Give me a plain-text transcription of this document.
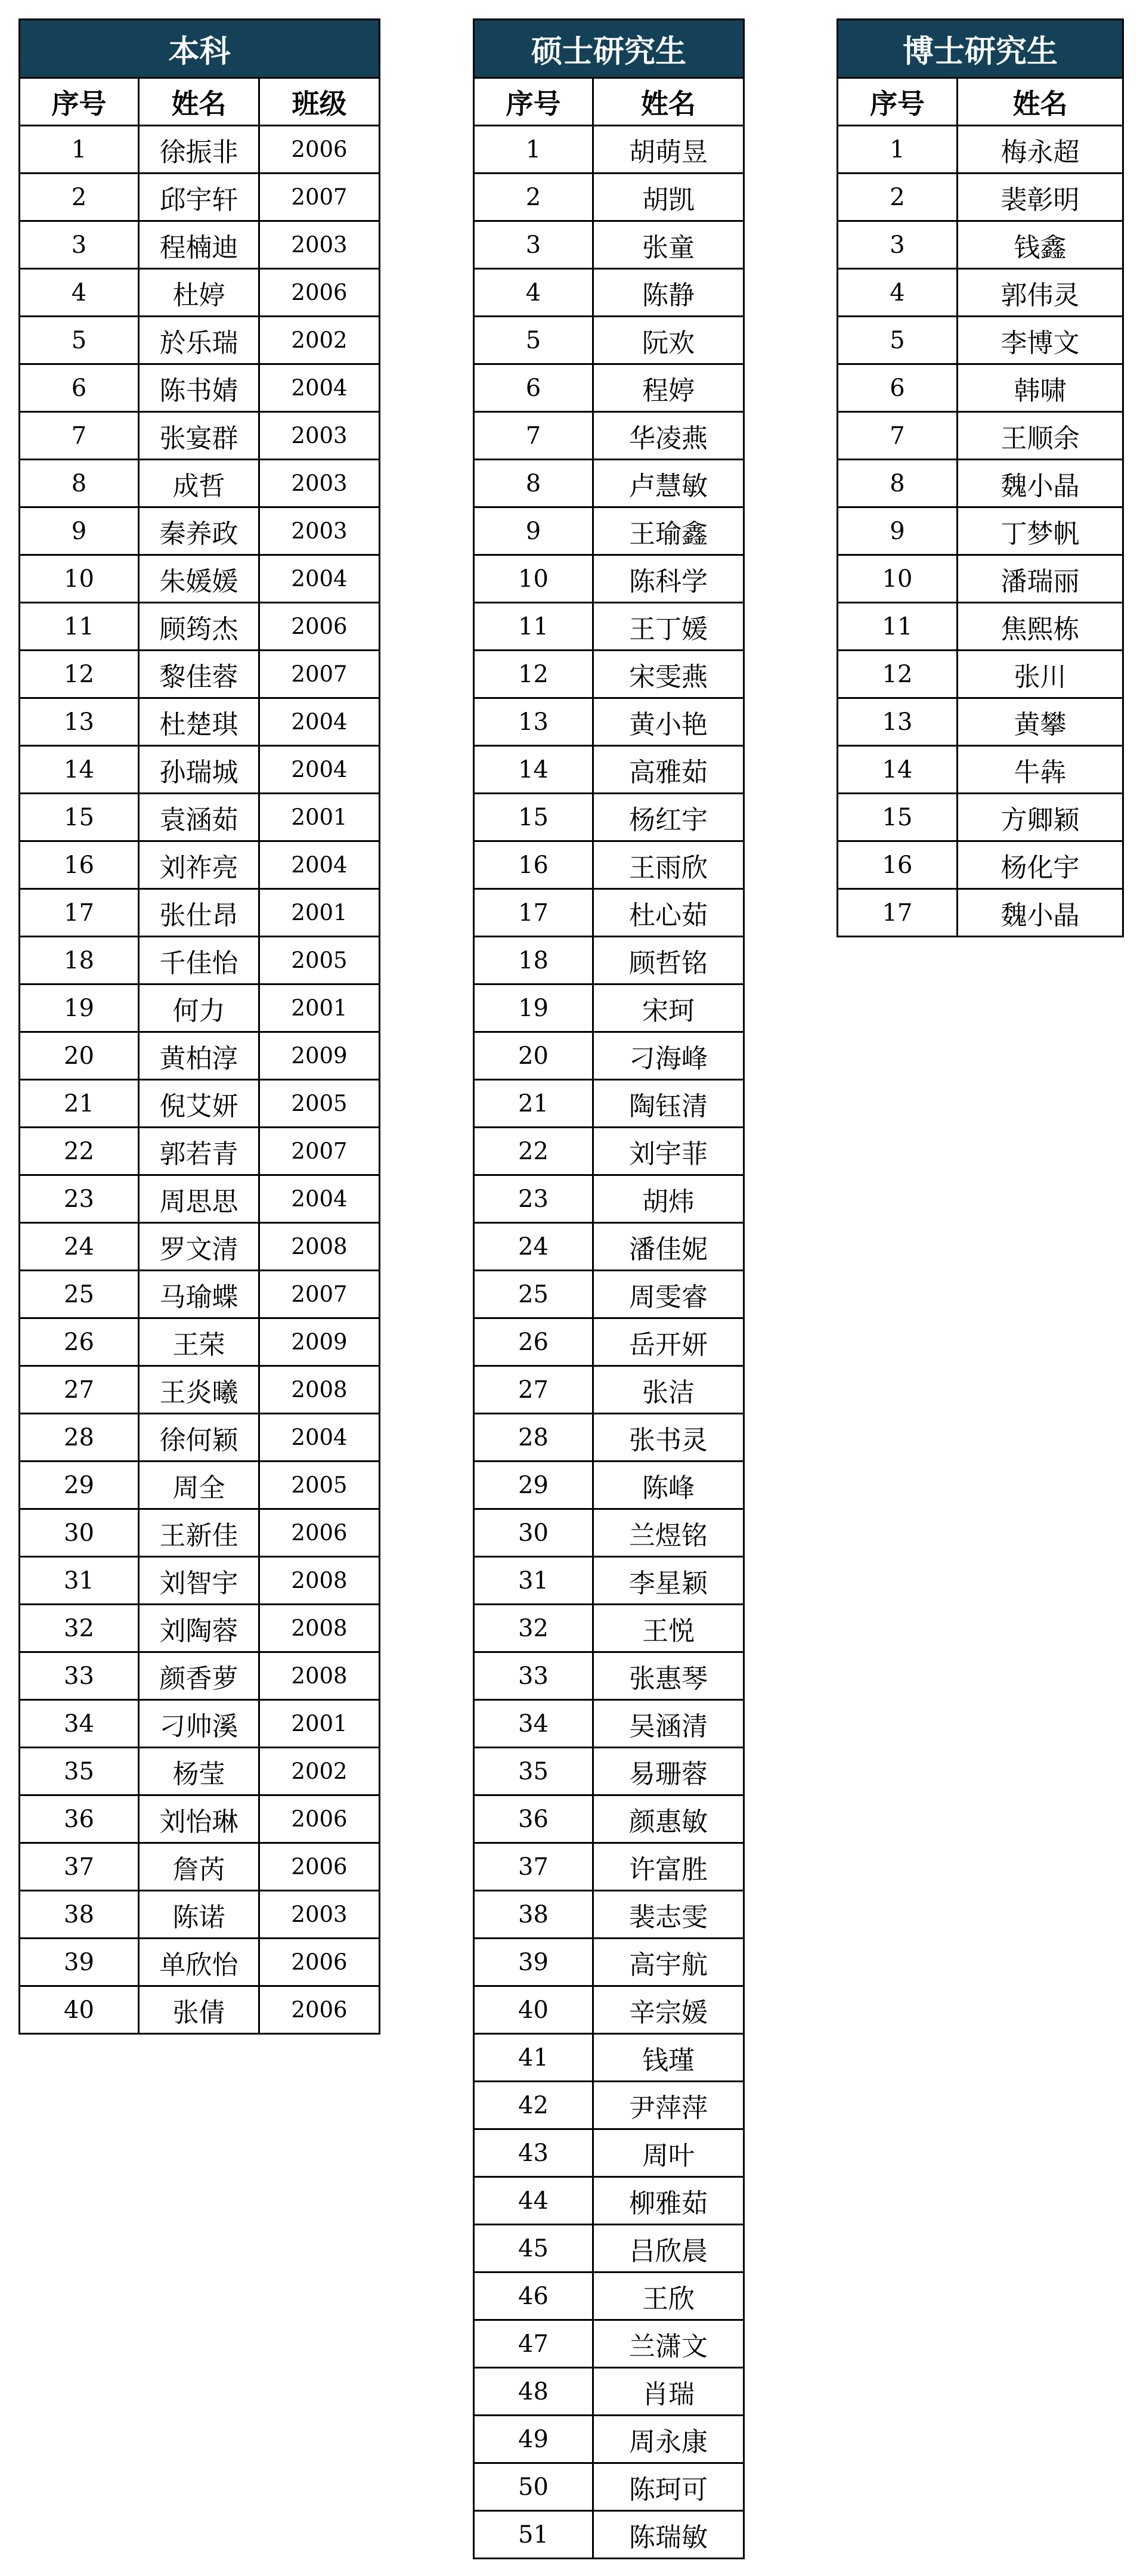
本科		
序号	姓名	班级
1	徐振非	2006
2	邱宇轩	2007
3	程楠迪	2003
4	杜婷	2006
5	於乐瑞	2002
6	陈书婧	2004
7	张宴群	2003
8	成哲	2003
9	秦养政	2003
10	朱媛媛	2004
11	顾筠杰	2006
12	黎佳蓉	2007
13	杜楚琪	2004
14	孙瑞城	2004
15	袁涵茹	2001
16	刘祚亮	2004
17	张仕昂	2001
18	千佳怡	2005
19	何力	2001
20	黄柏淳	2009
21	倪艾妍	2005
22	郭若青	2007
23	周思思	2004
24	罗文清	2008
25	马瑜蝶	2007
26	王荣	2009
27	王炎曦	2008
28	徐何颖	2004
29	周全	2005
30	王新佳	2006
31	刘智宇	2008
32	刘陶蓉	2008
33	颜香萝	2008
34	刁帅溪	2001
35	杨莹	2002
36	刘怡琳	2006
37	詹芮	2006
38	陈诺	2003
39	单欣怡	2006
40	张倩	2006
硕士研究生	
序号	姓名
1	胡萌昱
2	胡凯
3	张童
4	陈静
5	阮欢
6	程婷
7	华凌燕
8	卢慧敏
9	王瑜鑫
10	陈科学
11	王丁媛
12	宋雯燕
13	黄小艳
14	高雅茹
15	杨红宇
16	王雨欣
17	杜心茹
18	顾哲铭
19	宋珂
20	刁海峰
21	陶钰清
22	刘宇菲
23	胡炜
24	潘佳妮
25	周雯睿
26	岳开妍
27	张洁
28	张书灵
29	陈峰
30	兰煜铭
31	李星颖
32	王悦
33	张惠琴
34	吴涵清
35	易珊蓉
36	颜惠敏
37	许富胜
38	裴志雯
39	高宇航
40	辛宗媛
41	钱瑾
42	尹萍萍
43	周叶
44	柳雅茹
45	吕欣晨
46	王欣
47	兰潇文
48	肖瑞
49	周永康
50	陈珂可
51	陈瑞敏
博士研究生	
序号	姓名
1	梅永超
2	裴彰明
3	钱鑫
4	郭伟灵
5	李博文
6	韩啸
7	王顺余
8	魏小晶
9	丁梦帆
10	潘瑞丽
11	焦熙栋
12	张川
13	黄攀
14	牛犇
15	方卿颖
16	杨化宇
17	魏小晶
